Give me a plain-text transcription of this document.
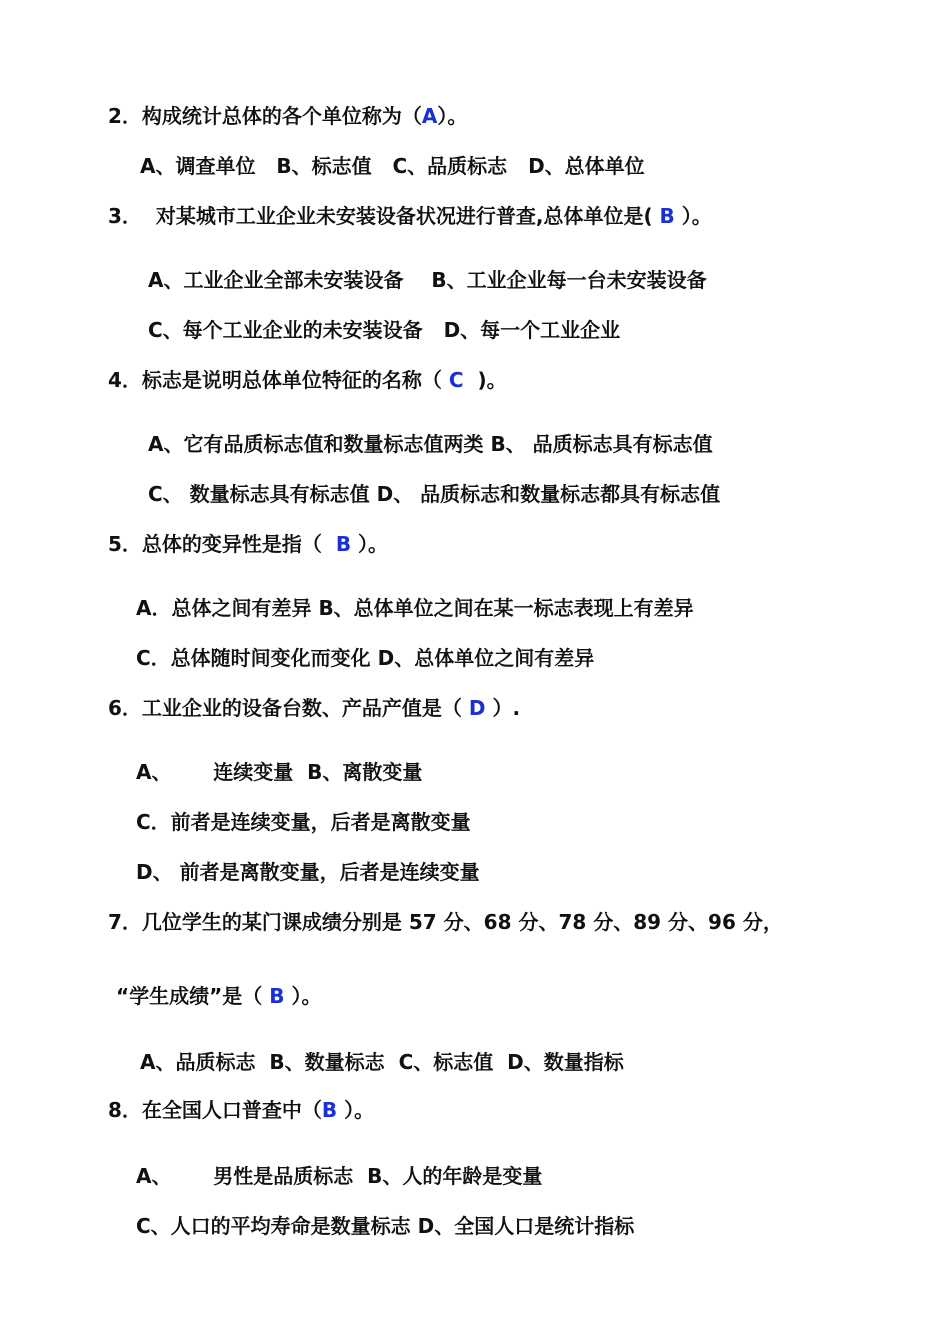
2．构成统计总体的各个单位称为（A）。
A、调查单位   B、标志值   C、品质标志   D、总体单位
3．  对某城市工业企业未安装设备状况进行普查,总体单位是( B ）。
A、工业企业全部未安装设备    B、工业企业每一台未安装设备
C、每个工业企业的未安装设备   D、每一个工业企业
4．标志是说明总体单位特征的名称（ C  )。
A、它有品质标志值和数量标志值两类 B、 品质标志具有标志值
C、 数量标志具有标志值 D、 品质标志和数量标志都具有标志值
5．总体的变异性是指（  B ）。
A．总体之间有差异 B、总体单位之间在某一标志表现上有差异
C．总体随时间变化而变化 D、总体单位之间有差异
6．工业企业的设备台数、产品产值是（ D ）.
A、      连续变量  B、离散变量
C．前者是连续变量，后者是离散变量
D、 前者是离散变量，后者是连续变量
7．几位学生的某门课成绩分别是 57 分、68 分、78 分、89 分、96 分，
“学生成绩”是（ B ）。
A、品质标志  B、数量标志  C、标志值  D、数量指标
8．在全国人口普查中（B ）。
A、      男性是品质标志  B、人的年龄是变量
C、人口的平均寿命是数量标志 D、全国人口是统计指标
